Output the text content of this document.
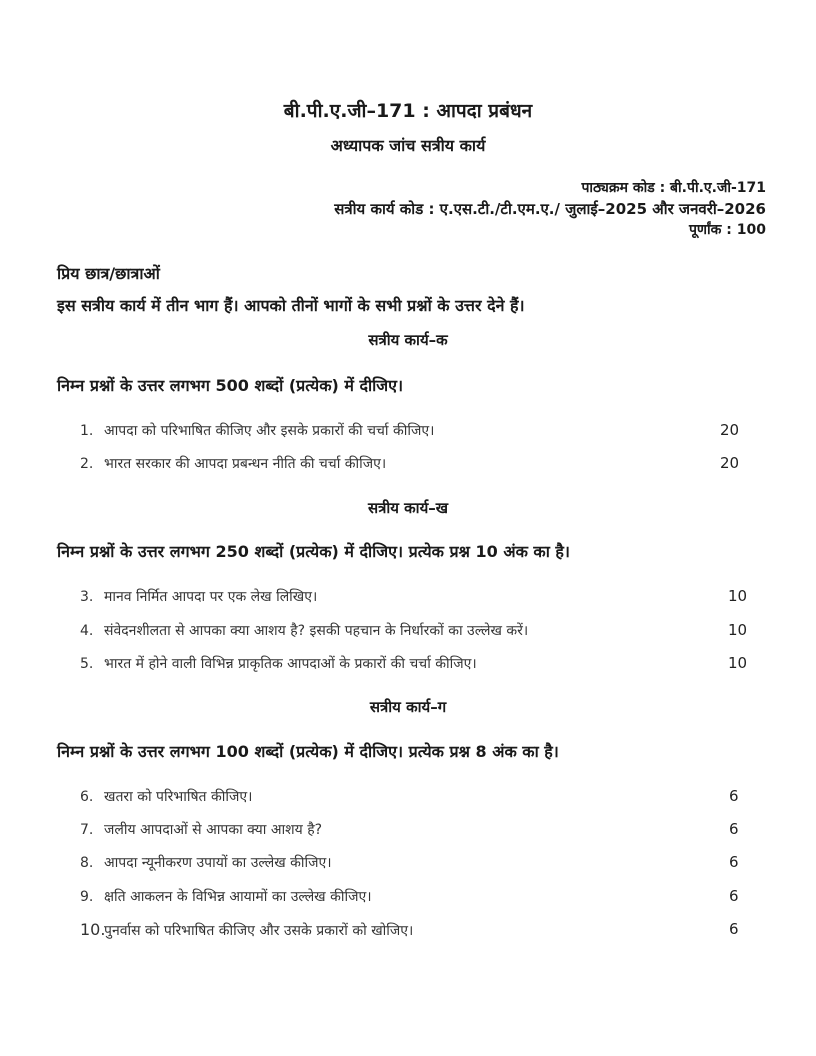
बी.पी.ए.जी–171 : आपदा प्रबंधन
अध्यापक जांच सत्रीय कार्य
पाठ्यक्रम कोड : बी.पी.ए.जी-171
सत्रीय कार्य कोड : ए.एस.टी./टी.एम.ए./ जुलाई–2025 और जनवरी–2026
पूर्णांक : 100
प्रिय छात्र/छात्राओं
इस सत्रीय कार्य में तीन भाग हैं। आपको तीनों भागों के सभी प्रश्नों के उत्तर देने हैं।
सत्रीय कार्य–क
निम्न प्रश्नों के उत्तर लगभग 500 शब्दों (प्रत्येक) में दीजिए।
1. आपदा को परिभाषित कीजिए और इसके प्रकारों की चर्चा कीजिए।	20
2. भारत सरकार की आपदा प्रबन्धन नीति की चर्चा कीजिए।	20
सत्रीय कार्य–ख
निम्न प्रश्नों के उत्तर लगभग 250 शब्दों (प्रत्येक) में दीजिए। प्रत्येक प्रश्न 10 अंक का है।
3. मानव निर्मित आपदा पर एक लेख लिखिए।	10
4. संवेदनशीलता से आपका क्या आशय है? इसकी पहचान के निर्धारकों का उल्लेख करें।	10
5. भारत में होने वाली विभिन्न प्राकृतिक आपदाओं के प्रकारों की चर्चा कीजिए।	10
सत्रीय कार्य–ग
निम्न प्रश्नों के उत्तर लगभग 100 शब्दों (प्रत्येक) में दीजिए। प्रत्येक प्रश्न 8 अंक का है।
6. खतरा को परिभाषित कीजिए।	6
7. जलीय आपदाओं से आपका क्या आशय है?	6
8. आपदा न्यूनीकरण उपायों का उल्लेख कीजिए।	6
9. क्षति आकलन के विभिन्न आयामों का उल्लेख कीजिए।	6
10.पुनर्वास को परिभाषित कीजिए और उसके प्रकारों को खोजिए।	6
